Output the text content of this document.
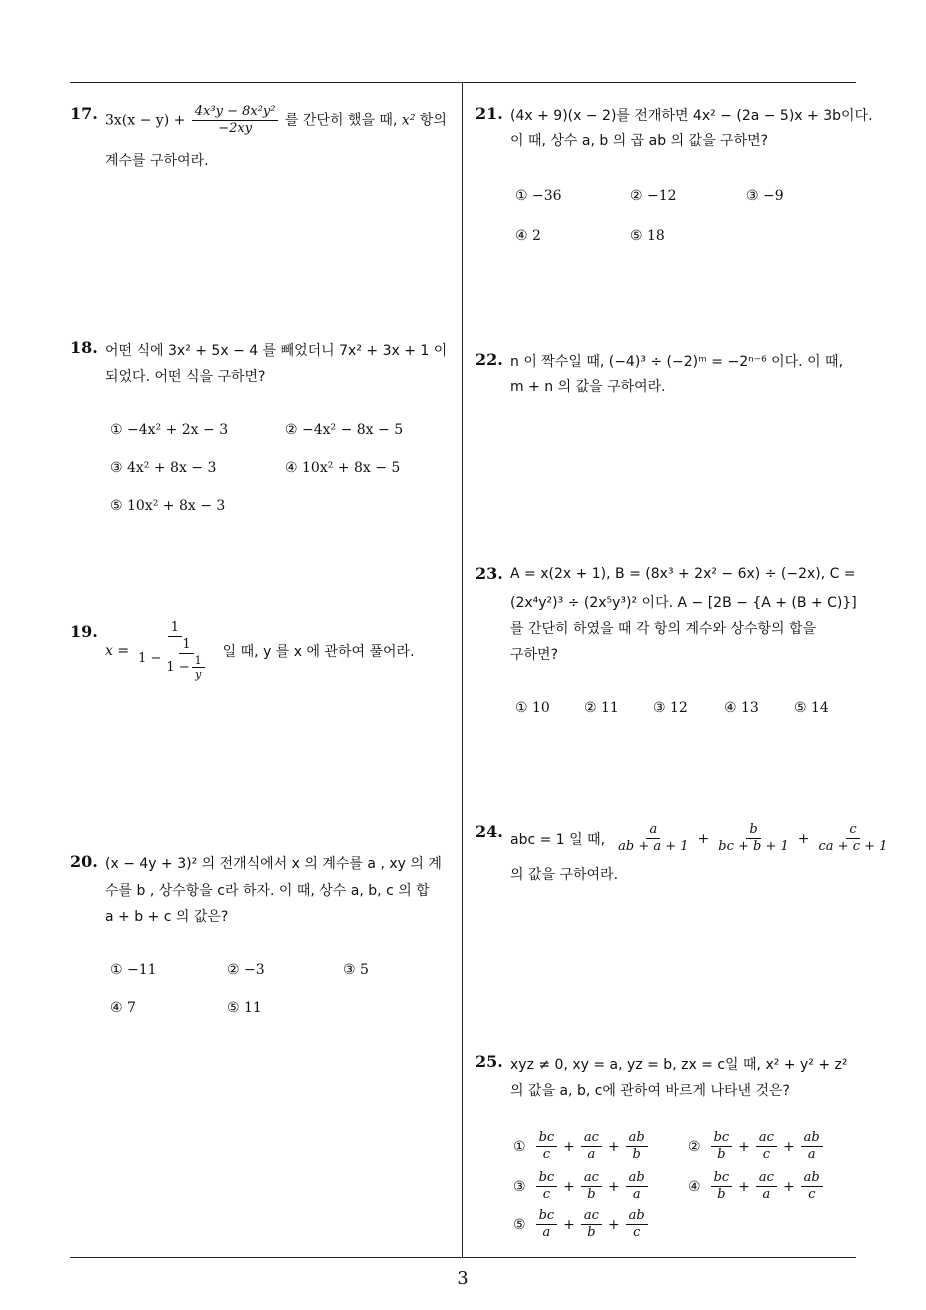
17. $3x(x - y) + \frac{\text{4x³y − 8x²y²}}{-2xy}$ 를 간단히 했을 때, x² 항의
계수를 구하여라.
18. 어떤 식에 3x² + 5x − 4 를 빼었더니 7x² + 3x + 1 이
되었다. 어떤 식을 구하면?
① −4x² + 2x − 3	② −4x² − 8x − 5
③ 4x² + 8x − 3	④ 10x² + 8x − 5
⑤ 10x² + 8x − 3
19.
$x = \frac{1}{1 - \frac{1}{1 - \frac{1}{y}}}$ 일 때, y 를 x 에 관하여 풀어라.
20. (x − 4y + 3)² 의 전개식에서 x 의 계수를 a , xy 의 계
수를 b , 상수항을 c라 하자. 이 때, 상수 a, b, c 의 합
a + b + c 의 값은?
① −11	② −3	③ 5
④ 7	⑤ 11
21. (4x + 9)(x − 2)를 전개하면 4x² − (2a − 5)x + 3b이다.
이 때, 상수 a, b 의 곱 ab 의 값을 구하면?
① −36	② −12	③ −9
④ 2	⑤ 18
22. n 이 짝수일 때, (−4)³ ÷ (−2)ᵐ = −2ⁿ⁻⁶ 이다. 이 때,
m + n 의 값을 구하여라.
23. A = x(2x + 1), B = (8x³ + 2x² − 6x) ÷ (−2x), C =
(2x⁴y²)³ ÷ (2x⁵y³)² 이다. A − [2B − {A + (B + C)}]
를 간단히 하였을 때 각 항의 계수와 상수항의 합을
구하면?
① 10 ② 11 ③ 12	④ 13	⑤ 14
24. abc = 1 일 때, $\frac{a}{ab + a + 1} + \frac{b}{bc + b + 1} + \frac{c}{ca + c + 1}$
의 값을 구하여라.
25. xyz ≠ 0, xy = a, yz = b, zx = c일 때, x² + y² + z²
의 값을 a, b, c에 관하여 바르게 나타낸 것은?
① $\frac{bc}{c} + \frac{ac}{a} + \frac{ab}{b}$	② $\frac{bc}{b} + \frac{ac}{c} + \frac{ab}{a}$
③ $\frac{bc}{c} + \frac{ac}{b} + \frac{ab}{a}$	④ $\frac{bc}{b} + \frac{ac}{a} + \frac{ab}{c}$
⑤ $\frac{bc}{a} + \frac{ac}{b} + \frac{ab}{c}$
3
